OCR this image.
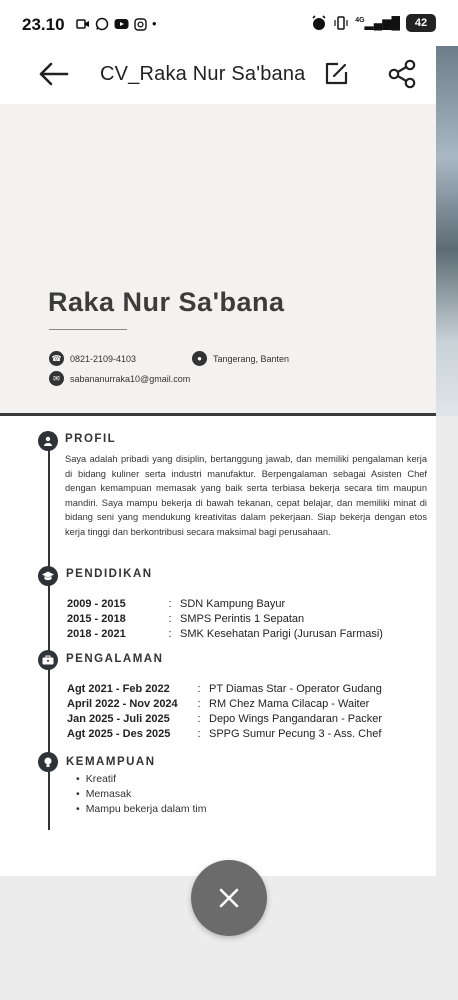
23.10	•	$^{4G}$▂▄▆█	42
CV_Raka Nur Sa'bana
Raka Nur Sa'bana
☎ 0821-2109-4103	●	Tangerang, Banten
✉	sabananurraka10@gmail.com
PROFIL
Saya adalah pribadi yang disiplin, bertanggung jawab, dan memiliki pengalaman kerja di bidang kuliner serta industri manufaktur. Berpengalaman sebagai Asisten Chef dengan kemampuan memasak yang baik serta terbiasa bekerja secara tim maupun mandiri. Saya mampu bekerja di bawah tekanan, cepat belajar, dan memiliki minat di bidang seni yang mendukung kreativitas dalam pekerjaan. Siap bekerja dengan etos kerja tinggi dan berkontribusi secara maksimal bagi perusahaan.
PENDIDIKAN
2009 - 2015	: SDN Kampung Bayur
2015 - 2018	: SMPS Perintis 1 Sepatan
2018 - 2021	: SMK Kesehatan Parigi (Jurusan Farmasi)
PENGALAMAN
Agt 2021 - Feb 2022	: PT Diamas Star - Operator Gudang
April 2022 - Nov 2024 : RM Chez Mama Cilacap - Waiter
Jan 2025 - Juli 2025	: Depo Wings Pangandaran - Packer
Agt 2025 - Des 2025 : SPPG Sumur Pecung 3 - Ass. Chef
KEMAMPUAN
• Kreatif
• Memasak
• Mampu bekerja dalam tim
